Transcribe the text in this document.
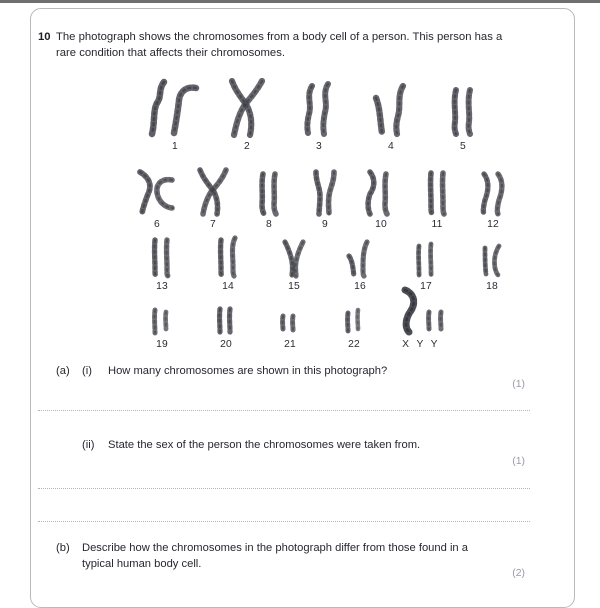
10 The photograph shows the chromosomes from a body cell of a person. This person has a rare condition that affects their chromosomes.
1	2	3	4	5
6	7	8	9	10	11	12
13	14	15	16	17	18
19	20	21	22	X Y Y
(a) (i) How many chromosomes are shown in this photograph?
(1)
(ii) State the sex of the person the chromosomes were taken from.
(1)
(b) Describe how the chromosomes in the photograph differ from those found in a typical human body cell.
(2)
